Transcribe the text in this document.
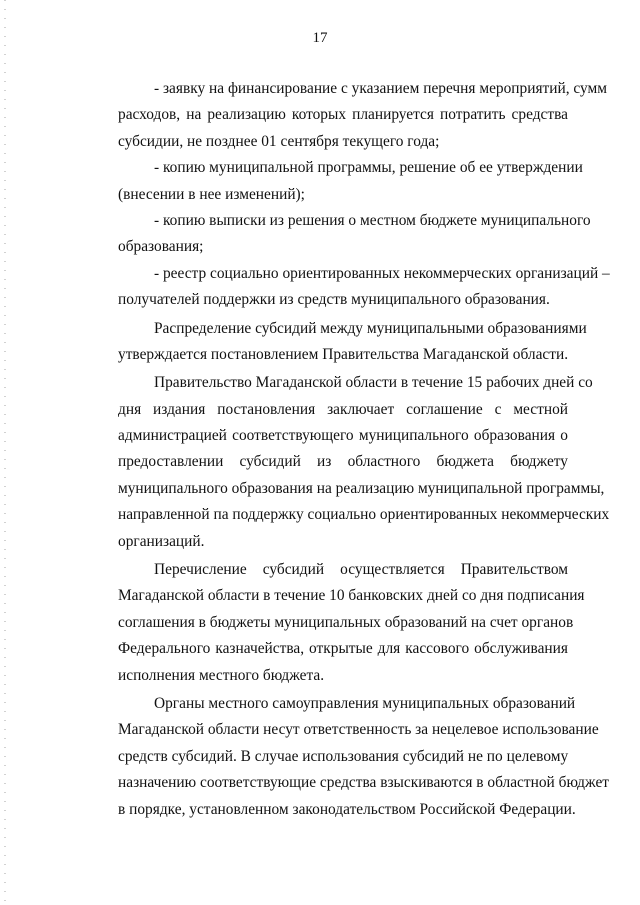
17
- заявку на финансирование с указанием перечня мероприятий, сумм
расходов, на реализацию которых планируется потратить средства
субсидии, не позднее 01 сентября текущего года;
- копию муниципальной программы, решение об ее утверждении
(внесении в нее изменений);
- копию выписки из решения о местном бюджете муниципального
образования;
- реестр социально ориентированных некоммерческих организаций –
получателей поддержки из средств муниципального образования.
Распределение субсидий между муниципальными образованиями
утверждается постановлением Правительства Магаданской области.
Правительство Магаданской области в течение 15 рабочих дней со
дня издания постановления заключает соглашение с местной
администрацией соответствующего муниципального образования о
предоставлении субсидий из областного бюджета бюджету
муниципального образования на реализацию муниципальной программы,
направленной па поддержку социально ориентированных некоммерческих
организаций.
Перечисление субсидий осуществляется Правительством
Магаданской области в течение 10 банковских дней со дня подписания
соглашения в бюджеты муниципальных образований на счет органов
Федерального казначейства, открытые для кассового обслуживания
исполнения местного бюджета.
Органы местного самоуправления муниципальных образований
Магаданской области несут ответственность за нецелевое использование
средств субсидий. В случае использования субсидий не по целевому
назначению соответствующие средства взыскиваются в областной бюджет
в порядке, установленном законодательством Российской Федерации.
